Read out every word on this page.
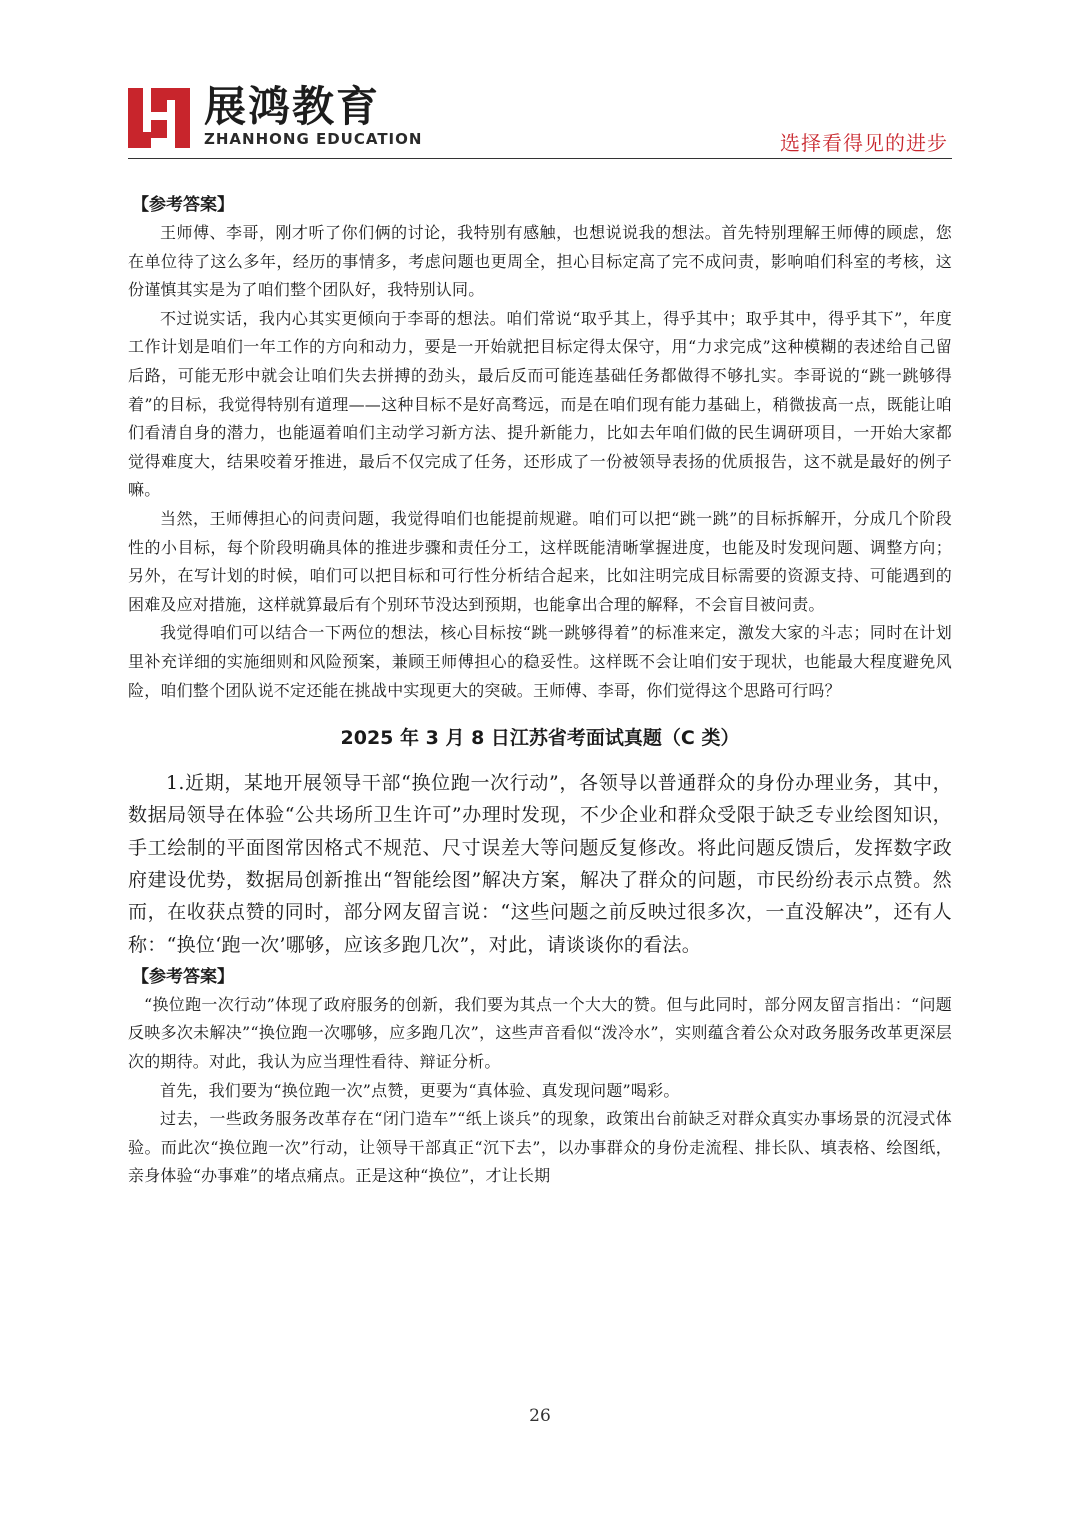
展鸿教育

ZHANHONG EDUCATION	选择看得见的进步

【参考答案】

王师傅、李哥，刚才听了你们俩的讨论，我特别有感触，也想说说我的想法。首先特别理解王师傅的顾虑，您在单位待了这么多年，经历的事情多，考虑问题也更周全，担心目标定高了完不成问责，影响咱们科室的考核，这份谨慎其实是为了咱们整个团队好，我特别认同。

不过说实话，我内心其实更倾向于李哥的想法。咱们常说“取乎其上，得乎其中；取乎其中，得乎其下”，年度工作计划是咱们一年工作的方向和动力，要是一开始就把目标定得太保守，用“力求完成”这种模糊的表述给自己留后路，可能无形中就会让咱们失去拼搏的劲头，最后反而可能连基础任务都做得不够扎实。李哥说的“跳一跳够得着”的目标，我觉得特别有道理——这种目标不是好高骛远，而是在咱们现有能力基础上，稍微拔高一点，既能让咱们看清自身的潜力，也能逼着咱们主动学习新方法、提升新能力，比如去年咱们做的民生调研项目，一开始大家都觉得难度大，结果咬着牙推进，最后不仅完成了任务，还形成了一份被领导表扬的优质报告，这不就是最好的例子嘛。

当然，王师傅担心的问责问题，我觉得咱们也能提前规避。咱们可以把“跳一跳”的目标拆解开，分成几个阶段性的小目标，每个阶段明确具体的推进步骤和责任分工，这样既能清晰掌握进度，也能及时发现问题、调整方向；另外，在写计划的时候，咱们可以把目标和可行性分析结合起来，比如注明完成目标需要的资源支持、可能遇到的困难及应对措施，这样就算最后有个别环节没达到预期，也能拿出合理的解释，不会盲目被问责。

我觉得咱们可以结合一下两位的想法，核心目标按“跳一跳够得着”的标准来定，激发大家的斗志；同时在计划里补充详细的实施细则和风险预案，兼顾王师傅担心的稳妥性。这样既不会让咱们安于现状，也能最大程度避免风险，咱们整个团队说不定还能在挑战中实现更大的突破。王师傅、李哥，你们觉得这个思路可行吗？

2025 年 3 月 8 日江苏省考面试真题（C 类）

1.近期，某地开展领导干部“换位跑一次行动”，各领导以普通群众的身份办理业务，其中，数据局领导在体验“公共场所卫生许可”办理时发现，不少企业和群众受限于缺乏专业绘图知识，手工绘制的平面图常因格式不规范、尺寸误差大等问题反复修改。将此问题反馈后，发挥数字政府建设优势，数据局创新推出“智能绘图”解决方案，解决了群众的问题，市民纷纷表示点赞。然而，在收获点赞的同时，部分网友留言说：“这些问题之前反映过很多次，一直没解决”，还有人称：“换位‘跑一次’哪够，应该多跑几次”，对此，请谈谈你的看法。

【参考答案】

“换位跑一次行动”体现了政府服务的创新，我们要为其点一个大大的赞。但与此同时，部分网友留言指出：“问题反映多次未解决”“换位跑一次哪够，应多跑几次”，这些声音看似“泼冷水”，实则蕴含着公众对政务服务改革更深层次的期待。对此，我认为应当理性看待、辩证分析。

首先，我们要为“换位跑一次”点赞，更要为“真体验、真发现问题”喝彩。

过去，一些政务服务改革存在“闭门造车”“纸上谈兵”的现象，政策出台前缺乏对群众真实办事场景的沉浸式体验。而此次“换位跑一次”行动，让领导干部真正“沉下去”，以办事群众的身份走流程、排长队、填表格、绘图纸，亲身体验“办事难”的堵点痛点。正是这种“换位”，才让长期

26
